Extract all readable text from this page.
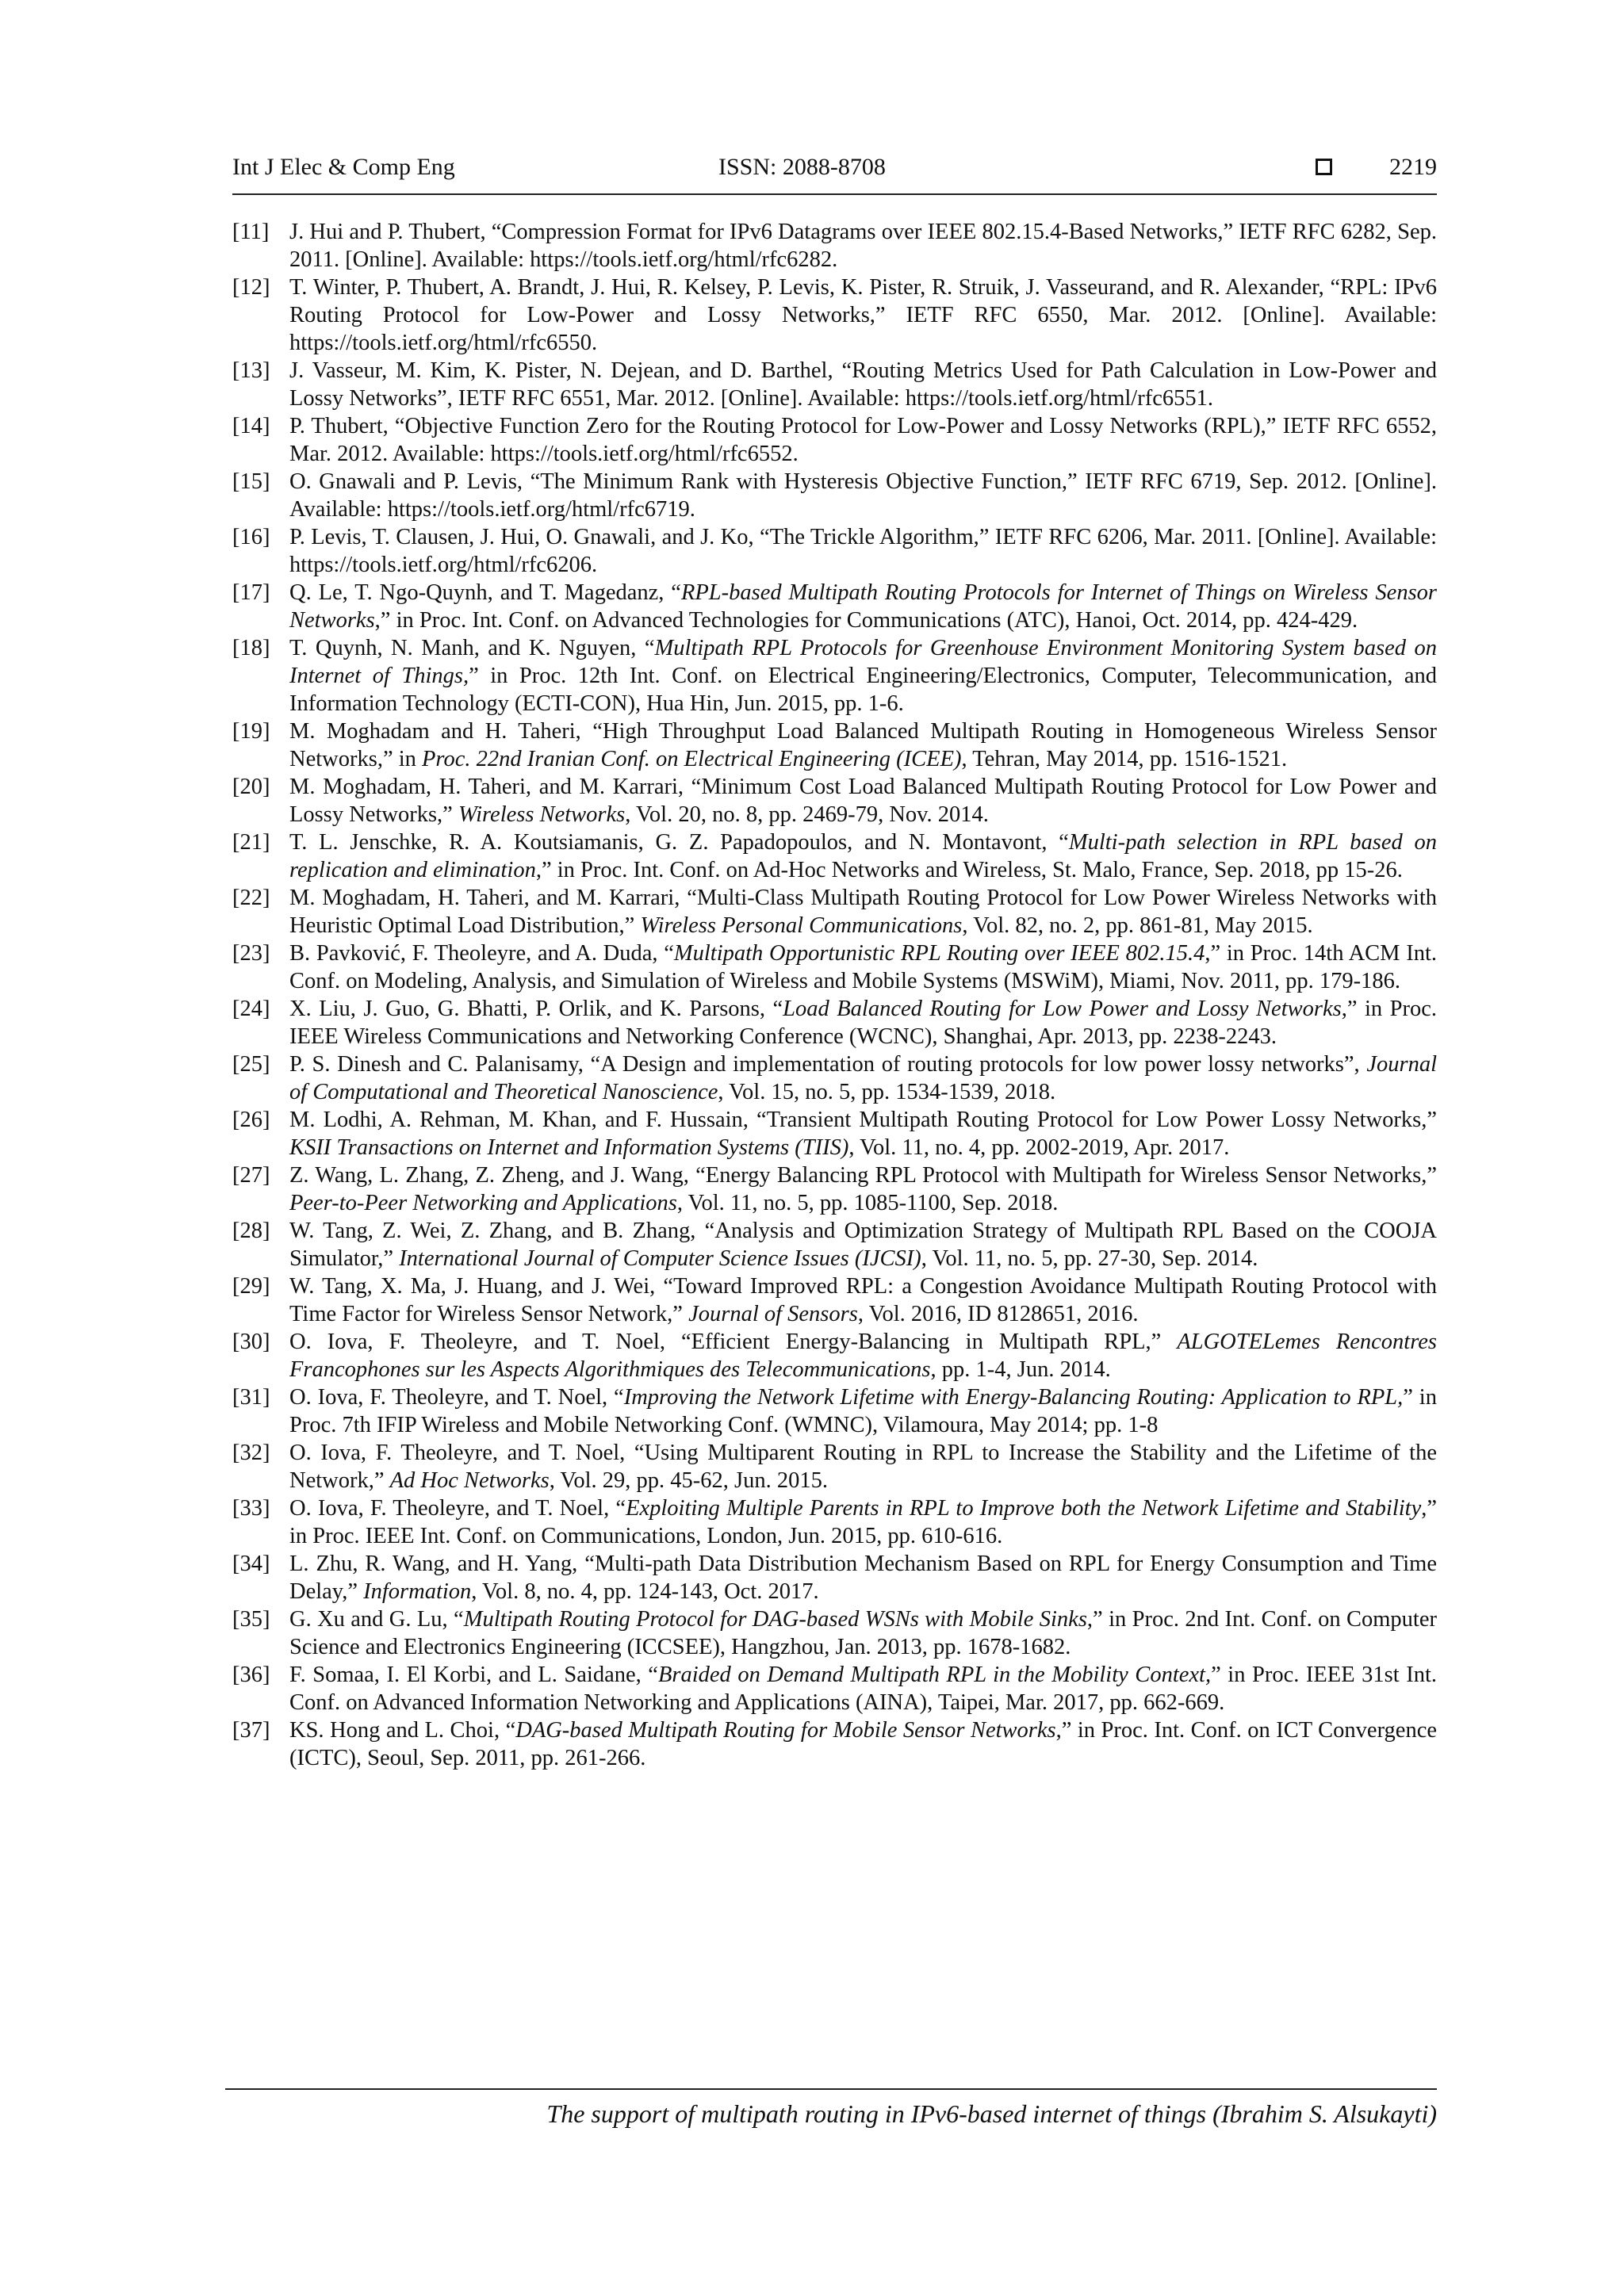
Int J Elec & Comp Eng	ISSN: 2088-8708	2219
[11] J. Hui and P. Thubert, “Compression Format for IPv6 Datagrams over IEEE 802.15.4-Based Networks,” IETF RFC 6282, Sep. 2011. [Online]. Available: https://tools.ietf.org/html/rfc6282.
[12] T. Winter, P. Thubert, A. Brandt, J. Hui, R. Kelsey, P. Levis, K. Pister, R. Struik, J. Vasseurand, and R. Alexander, “RPL: IPv6 Routing Protocol for Low-Power and Lossy Networks,” IETF RFC 6550, Mar. 2012. [Online]. Available: https://tools.ietf.org/html/rfc6550.
[13] J. Vasseur, M. Kim, K. Pister, N. Dejean, and D. Barthel, “Routing Metrics Used for Path Calculation in Low-Power and Lossy Networks”, IETF RFC 6551, Mar. 2012. [Online]. Available: https://tools.ietf.org/html/rfc6551.
[14] P. Thubert, “Objective Function Zero for the Routing Protocol for Low-Power and Lossy Networks (RPL),” IETF RFC 6552, Mar. 2012. Available: https://tools.ietf.org/html/rfc6552.
[15] O. Gnawali and P. Levis, “The Minimum Rank with Hysteresis Objective Function,” IETF RFC 6719, Sep. 2012. [Online]. Available: https://tools.ietf.org/html/rfc6719.
[16] P. Levis, T. Clausen, J. Hui, O. Gnawali, and J. Ko, “The Trickle Algorithm,” IETF RFC 6206, Mar. 2011. [Online]. Available: https://tools.ietf.org/html/rfc6206.
[17] Q. Le, T. Ngo-Quynh, and T. Magedanz, “RPL-based Multipath Routing Protocols for Internet of Things on Wireless Sensor Networks,” in Proc. Int. Conf. on Advanced Technologies for Communications (ATC), Hanoi, Oct. 2014, pp. 424-429.
[18] T. Quynh, N. Manh, and K. Nguyen, “Multipath RPL Protocols for Greenhouse Environment Monitoring System based on Internet of Things,” in Proc. 12th Int. Conf. on Electrical Engineering/Electronics, Computer, Telecommunication, and Information Technology (ECTI-CON), Hua Hin, Jun. 2015, pp. 1-6.
[19] M. Moghadam and H. Taheri, “High Throughput Load Balanced Multipath Routing in Homogeneous Wireless Sensor Networks,” in Proc. 22nd Iranian Conf. on Electrical Engineering (ICEE), Tehran, May 2014, pp. 1516-1521.
[20] M. Moghadam, H. Taheri, and M. Karrari, “Minimum Cost Load Balanced Multipath Routing Protocol for Low Power and Lossy Networks,” Wireless Networks, Vol. 20, no. 8, pp. 2469-79, Nov. 2014.
[21] T. L. Jenschke, R. A. Koutsiamanis, G. Z. Papadopoulos, and N. Montavont, “Multi-path selection in RPL based on replication and elimination,” in Proc. Int. Conf. on Ad-Hoc Networks and Wireless, St. Malo, France, Sep. 2018, pp 15-26.
[22] M. Moghadam, H. Taheri, and M. Karrari, “Multi-Class Multipath Routing Protocol for Low Power Wireless Networks with Heuristic Optimal Load Distribution,” Wireless Personal Communications, Vol. 82, no. 2, pp. 861-81, May 2015.
[23] B. Pavković, F. Theoleyre, and A. Duda, “Multipath Opportunistic RPL Routing over IEEE 802.15.4,” in Proc. 14th ACM Int. Conf. on Modeling, Analysis, and Simulation of Wireless and Mobile Systems (MSWiM), Miami, Nov. 2011, pp. 179-186.
[24] X. Liu, J. Guo, G. Bhatti, P. Orlik, and K. Parsons, “Load Balanced Routing for Low Power and Lossy Networks,” in Proc. IEEE Wireless Communications and Networking Conference (WCNC), Shanghai, Apr. 2013, pp. 2238-2243.
[25] P. S. Dinesh and C. Palanisamy, “A Design and implementation of routing protocols for low power lossy networks”, Journal of Computational and Theoretical Nanoscience, Vol. 15, no. 5, pp. 1534-1539, 2018.
[26] M. Lodhi, A. Rehman, M. Khan, and F. Hussain, “Transient Multipath Routing Protocol for Low Power Lossy Networks,” KSII Transactions on Internet and Information Systems (TIIS), Vol. 11, no. 4, pp. 2002-2019, Apr. 2017.
[27] Z. Wang, L. Zhang, Z. Zheng, and J. Wang, “Energy Balancing RPL Protocol with Multipath for Wireless Sensor Networks,” Peer-to-Peer Networking and Applications, Vol. 11, no. 5, pp. 1085-1100, Sep. 2018.
[28] W. Tang, Z. Wei, Z. Zhang, and B. Zhang, “Analysis and Optimization Strategy of Multipath RPL Based on the COOJA Simulator,” International Journal of Computer Science Issues (IJCSI), Vol. 11, no. 5, pp. 27-30, Sep. 2014.
[29] W. Tang, X. Ma, J. Huang, and J. Wei, “Toward Improved RPL: a Congestion Avoidance Multipath Routing Protocol with Time Factor for Wireless Sensor Network,” Journal of Sensors, Vol. 2016, ID 8128651, 2016.
[30] O. Iova, F. Theoleyre, and T. Noel, “Efficient Energy-Balancing in Multipath RPL,” ALGOTELemes Rencontres Francophones sur les Aspects Algorithmiques des Telecommunications, pp. 1-4, Jun. 2014.
[31] O. Iova, F. Theoleyre, and T. Noel, “Improving the Network Lifetime with Energy-Balancing Routing: Application to RPL,” in Proc. 7th IFIP Wireless and Mobile Networking Conf. (WMNC), Vilamoura, May 2014; pp. 1-8
[32] O. Iova, F. Theoleyre, and T. Noel, “Using Multiparent Routing in RPL to Increase the Stability and the Lifetime of the Network,” Ad Hoc Networks, Vol. 29, pp. 45-62, Jun. 2015.
[33] O. Iova, F. Theoleyre, and T. Noel, “Exploiting Multiple Parents in RPL to Improve both the Network Lifetime and Stability,” in Proc. IEEE Int. Conf. on Communications, London, Jun. 2015, pp. 610-616.
[34] L. Zhu, R. Wang, and H. Yang, “Multi-path Data Distribution Mechanism Based on RPL for Energy Consumption and Time Delay,” Information, Vol. 8, no. 4, pp. 124-143, Oct. 2017.
[35] G. Xu and G. Lu, “Multipath Routing Protocol for DAG-based WSNs with Mobile Sinks,” in Proc. 2nd Int. Conf. on Computer Science and Electronics Engineering (ICCSEE), Hangzhou, Jan. 2013, pp. 1678-1682.
[36] F. Somaa, I. El Korbi, and L. Saidane, “Braided on Demand Multipath RPL in the Mobility Context,” in Proc. IEEE 31st Int. Conf. on Advanced Information Networking and Applications (AINA), Taipei, Mar. 2017, pp. 662-669.
[37] KS. Hong and L. Choi, “DAG-based Multipath Routing for Mobile Sensor Networks,” in Proc. Int. Conf. on ICT Convergence (ICTC), Seoul, Sep. 2011, pp. 261-266.
The support of multipath routing in IPv6-based internet of things (Ibrahim S. Alsukayti)
